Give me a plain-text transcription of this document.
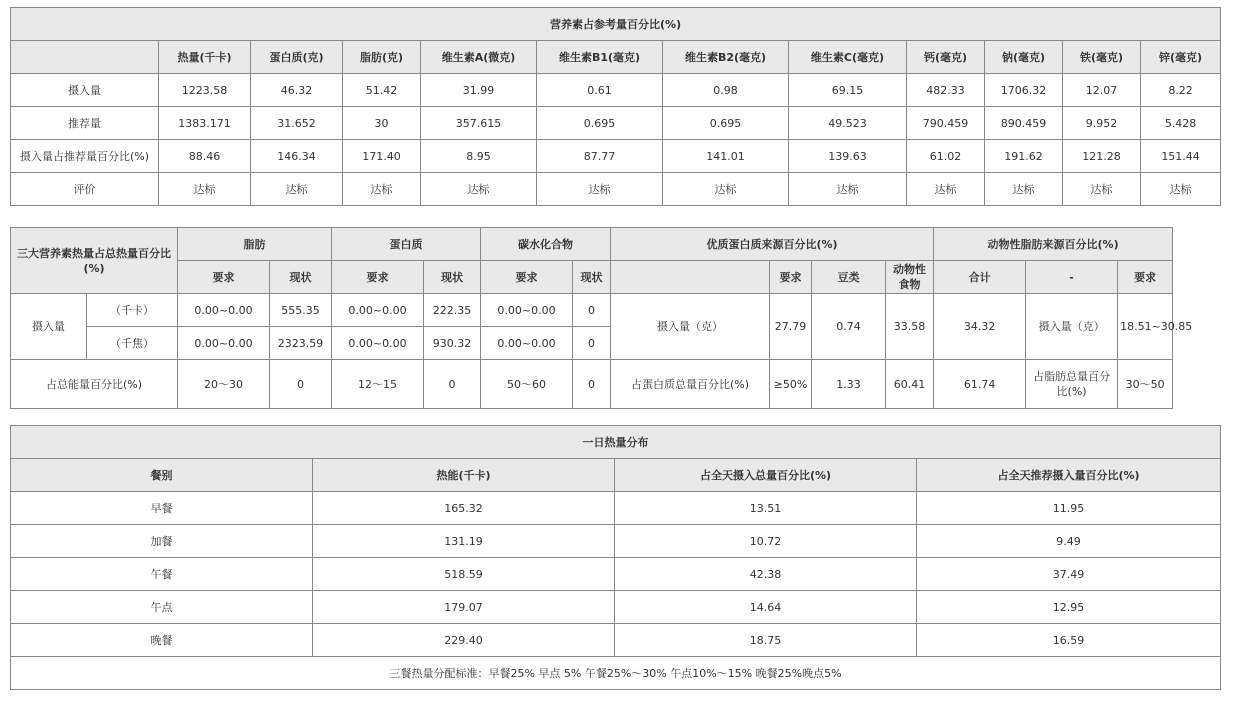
营养素占参考量百分比(%)											
	热量(千卡)	蛋白质(克)	脂肪(克)	维生素A(微克)	维生素B1(毫克)	维生素B2(毫克)	维生素C(毫克)	钙(毫克)	钠(毫克)	铁(毫克)	锌(毫克)
摄入量	1223.58	46.32	51.42	31.99	0.61	0.98	69.15	482.33	1706.32	12.07	8.22
推荐量	1383.171	31.652	30	357.615	0.695	0.695	49.523	790.459	890.459	9.952	5.428
摄入量占推荐量百分比(%)	88.46	146.34	171.40	8.95	87.77	141.01	139.63	61.02	191.62	121.28	151.44
评价	达标	达标	达标	达标	达标	达标	达标	达标	达标	达标	达标
三大营养素热量占总热量百分比(%)		脂肪		蛋白质		碳水化合物		优质蛋白质来源百分比(%)				动物性脂肪来源百分比(%)			
		要求	现状	要求	现状	要求	现状		要求	豆类	动物性食物	合计	-	要求	
摄入量	（千卡）	0.00~0.00	555.35	0.00~0.00	222.35	0.00~0.00	0	摄入量（克）	27.79	0.74	33.58	34.32	摄入量（克）	18.51~30.85	
	（千焦）	0.00~0.00	2323.59	0.00~0.00	930.32	0.00~0.00	0								
占总能量百分比(%)		20～30	0	12～15	0	50～60	0	占蛋白质总量百分比(%)	≥50%	1.33	60.41	61.74	占脂肪总量百分比(%)	30～50	
一日热量分布			
餐别	热能(千卡)	占全天摄入总量百分比(%)	占全天推荐摄入量百分比(%)
早餐	165.32	13.51	11.95
加餐	131.19	10.72	9.49
午餐	518.59	42.38	37.49
午点	179.07	14.64	12.95
晚餐	229.40	18.75	16.59
三餐热量分配标准：早餐25% 早点 5% 午餐25%～30% 午点10%～15% 晚餐25%晚点5%			
